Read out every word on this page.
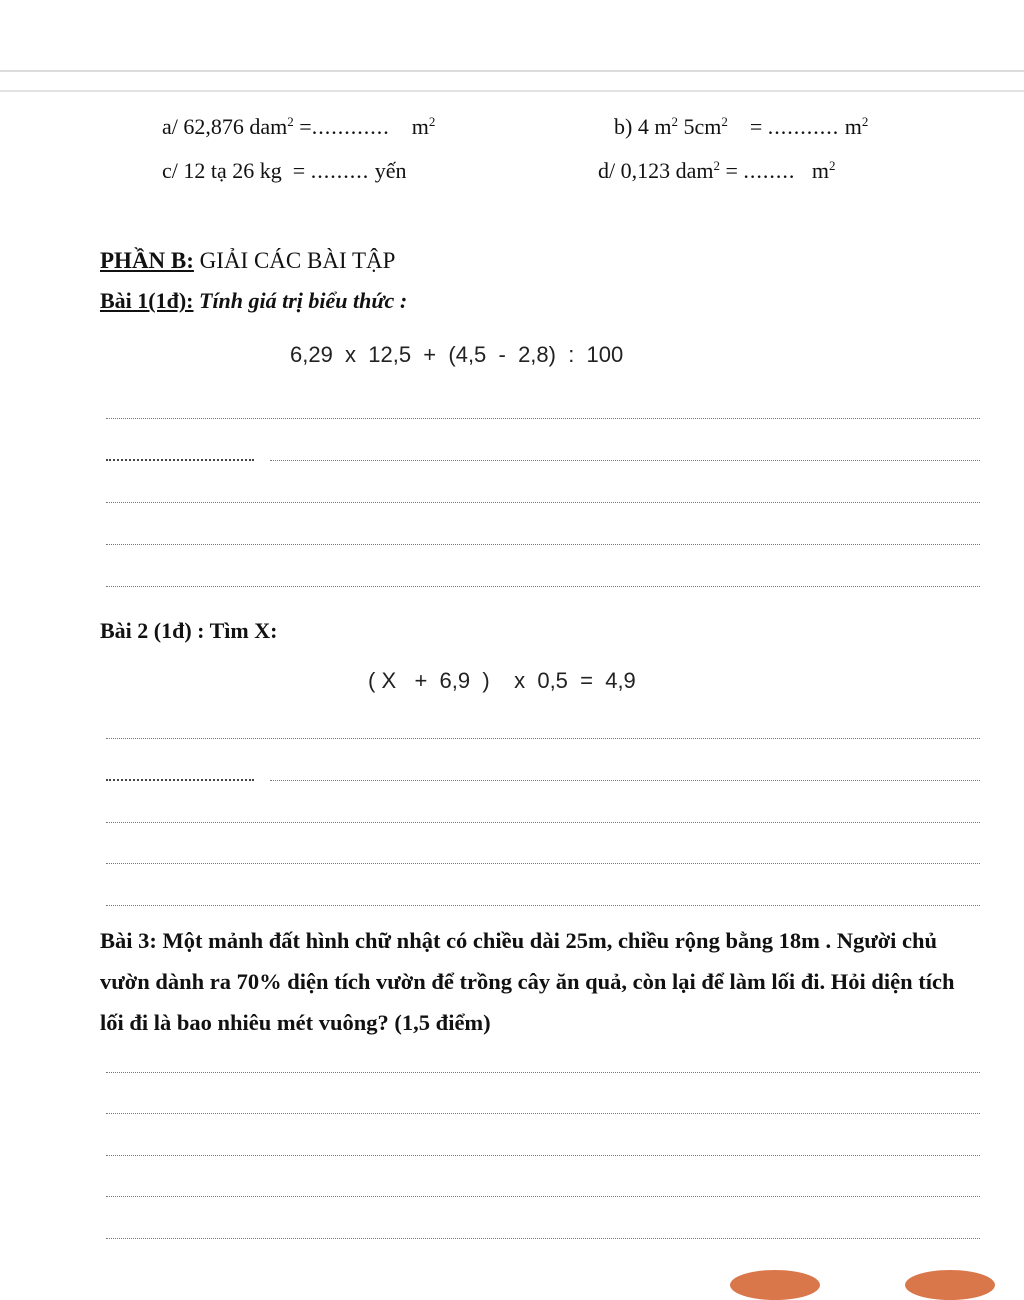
a/ 62,876 dam$^2$ =............ $m^2$	b) 4 $m^2$ $5cm^2$ = ........... $m^2$
c/ 12 tạ 26 kg = ......... yến	d/ 0,123 dam$^2$ = ........ $m^2$
PHẦN B: GIẢI CÁC BÀI TẬP
Bài 1(1đ): Tính giá trị biểu thức :
6,29  x  12,5  +  (4,5  -  2,8)  :  100
Bài 2 (1đ) : Tìm X:
( X   +  6,9  )    x  0,5  =  4,9
Bài 3: Một mảnh đất hình chữ nhật có chiều dài 25m, chiều rộng bằng 18m . Người chủ vườn dành ra 70% diện tích vườn để trồng cây ăn quả, còn lại để làm lối đi. Hỏi diện tích lối đi là bao nhiêu mét vuông? (1,5 điểm)
